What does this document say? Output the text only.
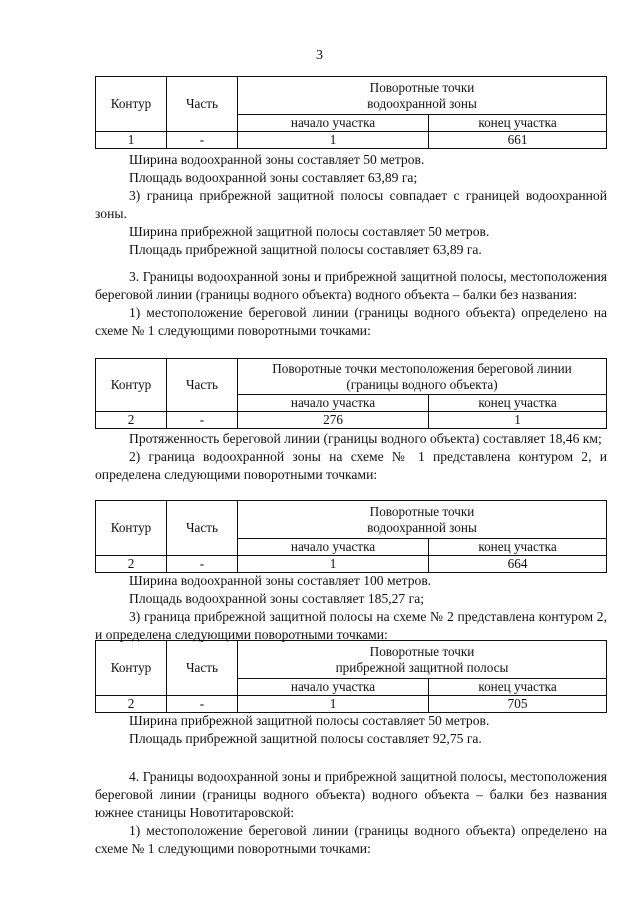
3
Контур	Часть	Поворотные точки
водоохранной зоны	

		начало участка	конец участка
1	-	1	661

Ширина водоохранной зоны составляет 50 метров.

Площадь водоохранной зоны составляет 63,89 га;

3) граница прибрежной защитной полосы совпадает с границей водоохранной зоны.

Ширина прибрежной защитной полосы составляет 50 метров.

Площадь прибрежной защитной полосы составляет 63,89 га.

3. Границы водоохранной зоны и прибрежной защитной полосы, местоположения береговой линии (границы водного объекта) водного объекта – балки без названия:

1) местоположение береговой линии (границы водного объекта) определено на схеме № 1 следующими поворотными точками:

Контур	Часть	Поворотные точки местоположения береговой линии
(границы водного объекта)	

		начало участка	конец участка
2	-	276	1

Протяженность береговой линии (границы водного объекта) составляет 18,46 км;

2) граница водоохранной зоны на схеме № 1 представлена контуром 2, и определена следующими поворотными точками:

Контур	Часть	Поворотные точки
водоохранной зоны	

		начало участка	конец участка
2	-	1	664

Ширина водоохранной зоны составляет 100 метров.

Площадь водоохранной зоны составляет 185,27 га;

3) граница прибрежной защитной полосы на схеме № 2 представлена контуром 2, и определена следующими поворотными точками:

Контур	Часть	Поворотные точки
прибрежной защитной полосы	

		начало участка	конец участка
2	-	1	705

Ширина прибрежной защитной полосы составляет 50 метров.

Площадь прибрежной защитной полосы составляет 92,75 га.

4. Границы водоохранной зоны и прибрежной защитной полосы, местоположения береговой линии (границы водного объекта) водного объекта – балки без названия южнее станицы Новотитаровской:

1) местоположение береговой линии (границы водного объекта) определено на схеме № 1 следующими поворотными точками:
